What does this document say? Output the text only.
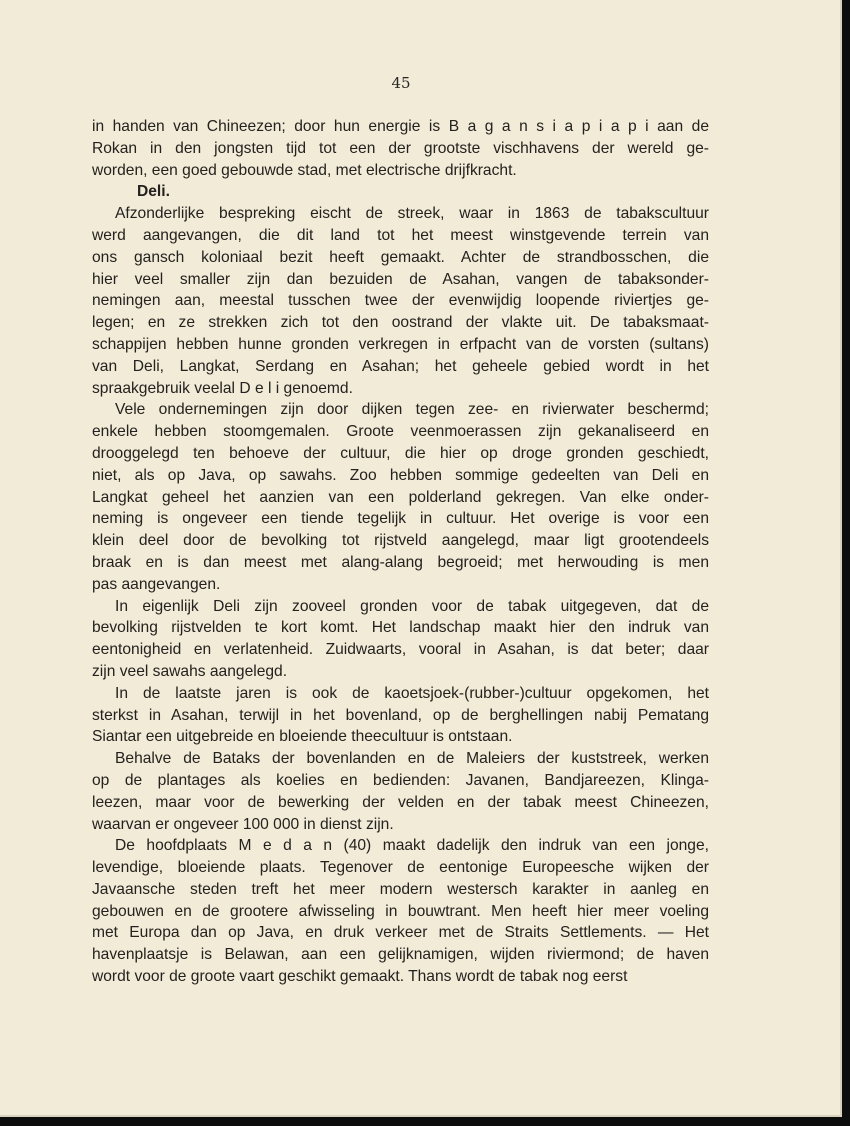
45

in handen van Chineezen; door hun energie is B a g a n s i a p i a p i aan de
Rokan in den jongsten tijd tot een der grootste vischhavens der wereld ge-
worden, een goed gebouwde stad, met electrische drijfkracht.

Deli.

Afzonderlijke bespreking eischt de streek, waar in 1863 de tabakscultuur
werd aangevangen, die dit land tot het meest winstgevende terrein van
ons gansch koloniaal bezit heeft gemaakt. Achter de strandbosschen, die
hier veel smaller zijn dan bezuiden de Asahan, vangen de tabaksonder-
nemingen aan, meestal tusschen twee der evenwijdig loopende riviertjes ge-
legen; en ze strekken zich tot den oostrand der vlakte uit. De tabaksmaat-
schappijen hebben hunne gronden verkregen in erfpacht van de vorsten (sultans)
van Deli, Langkat, Serdang en Asahan; het geheele gebied wordt in het
spraakgebruik veelal D e l i genoemd.

Vele ondernemingen zijn door dijken tegen zee- en rivierwater beschermd;
enkele hebben stoomgemalen. Groote veenmoerassen zijn gekanaliseerd en
drooggelegd ten behoeve der cultuur, die hier op droge gronden geschiedt,
niet, als op Java, op sawahs. Zoo hebben sommige gedeelten van Deli en
Langkat geheel het aanzien van een polderland gekregen. Van elke onder-
neming is ongeveer een tiende tegelijk in cultuur. Het overige is voor een
klein deel door de bevolking tot rijstveld aangelegd, maar ligt grootendeels
braak en is dan meest met alang-alang begroeid; met herwouding is men
pas aangevangen.

In eigenlijk Deli zijn zooveel gronden voor de tabak uitgegeven, dat de
bevolking rijstvelden te kort komt. Het landschap maakt hier den indruk van
eentonigheid en verlatenheid. Zuidwaarts, vooral in Asahan, is dat beter; daar
zijn veel sawahs aangelegd.

In de laatste jaren is ook de kaoetsjoek-(rubber-)cultuur opgekomen, het
sterkst in Asahan, terwijl in het bovenland, op de berghellingen nabij Pematang
Siantar een uitgebreide en bloeiende theecultuur is ontstaan.

Behalve de Bataks der bovenlanden en de Maleiers der kuststreek, werken
op de plantages als koelies en bedienden: Javanen, Bandjareezen, Klinga-
leezen, maar voor de bewerking der velden en der tabak meest Chineezen,
waarvan er ongeveer 100 000 in dienst zijn.

De hoofdplaats M e d a n (40) maakt dadelijk den indruk van een jonge,
levendige, bloeiende plaats. Tegenover de eentonige Europeesche wijken der
Javaansche steden treft het meer modern westersch karakter in aanleg en
gebouwen en de grootere afwisseling in bouwtrant. Men heeft hier meer voeling
met Europa dan op Java, en druk verkeer met de Straits Settlements. — Het
havenplaatsje is Belawan, aan een gelijknamigen, wijden riviermond; de haven
wordt voor de groote vaart geschikt gemaakt. Thans wordt de tabak nog eerst
